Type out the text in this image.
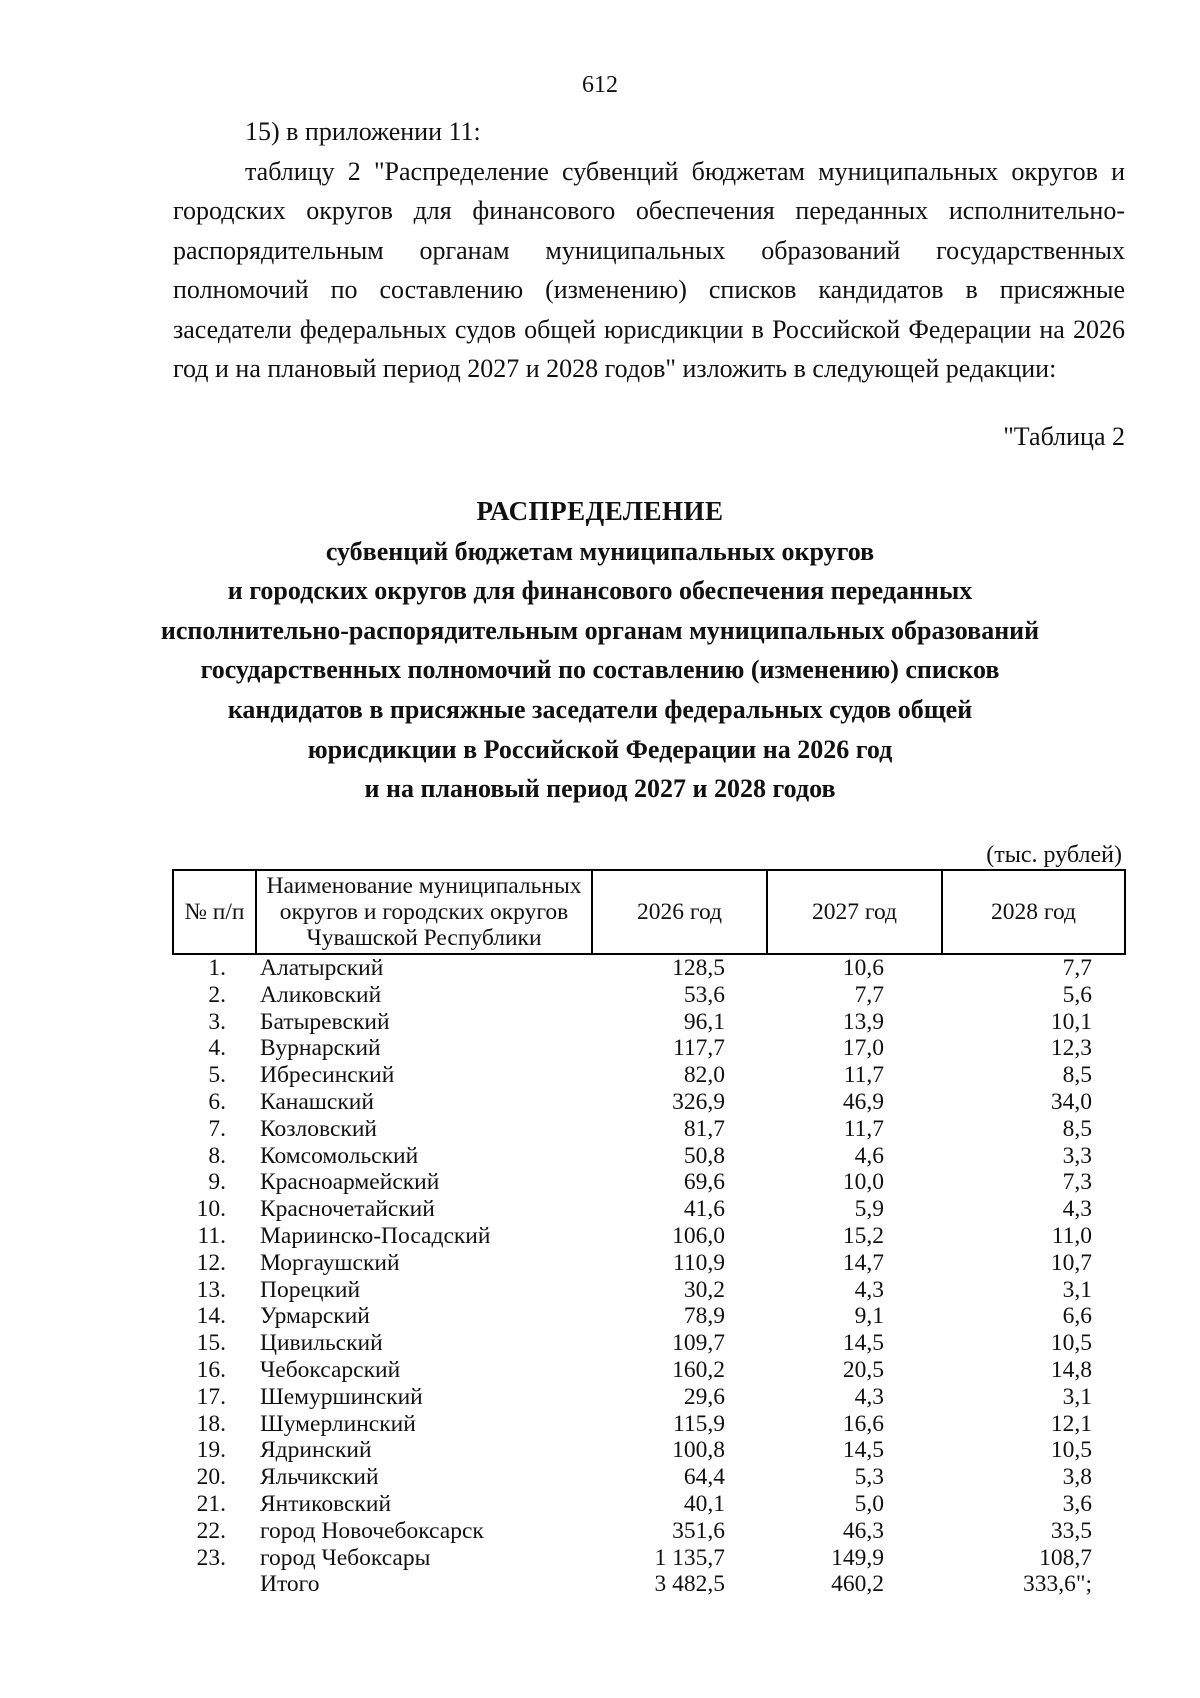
612

15) в приложении 11:

таблицу 2 "Распределение субвенций бюджетам муниципальных округов и городских округов для финансового обеспечения переданных исполнительно-распорядительным органам муниципальных образований государственных полномочий по составлению (изменению) списков кандидатов в присяжные заседатели федеральных судов общей юрисдикции в Российской Федерации на 2026 год и на плановый период 2027 и 2028 годов" изложить в следующей редакции:

"Таблица 2
РАСПРЕДЕЛЕНИЕ
субвенций бюджетам муниципальных округов
и городских округов для финансового обеспечения переданных
исполнительно-распорядительным органам муниципальных образований
государственных полномочий по составлению (изменению) списков
кандидатов в присяжные заседатели федеральных судов общей
юрисдикции в Российской Федерации на 2026 год
и на плановый период 2027 и 2028 годов
(тыс. рублей)
№ п/п	Наименование муниципальных округов и городских округов Чувашской Республики	2026 год	2027 год	2028 год
1.	Алатырский	128,5	10,6	7,7
2.	Аликовский	53,6	7,7	5,6
3.	Батыревский	96,1	13,9	10,1
4.	Вурнарский	117,7	17,0	12,3
5.	Ибресинский	82,0	11,7	8,5
6.	Канашский	326,9	46,9	34,0
7.	Козловский	81,7	11,7	8,5
8.	Комсомольский	50,8	4,6	3,3
9.	Красноармейский	69,6	10,0	7,3
10.	Красночетайский	41,6	5,9	4,3
11.	Мариинско-Посадский	106,0	15,2	11,0
12.	Моргаушский	110,9	14,7	10,7
13.	Порецкий	30,2	4,3	3,1
14.	Урмарский	78,9	9,1	6,6
15.	Цивильский	109,7	14,5	10,5
16.	Чебоксарский	160,2	20,5	14,8
17.	Шемуршинский	29,6	4,3	3,1
18.	Шумерлинский	115,9	16,6	12,1
19.	Ядринский	100,8	14,5	10,5
20.	Яльчикский	64,4	5,3	3,8
21.	Янтиковский	40,1	5,0	3,6
22.	город Новочебоксарск	351,6	46,3	33,5
23.	город Чебоксары	1 135,7	149,9	108,7
	Итого	3 482,5	460,2	333,6";
